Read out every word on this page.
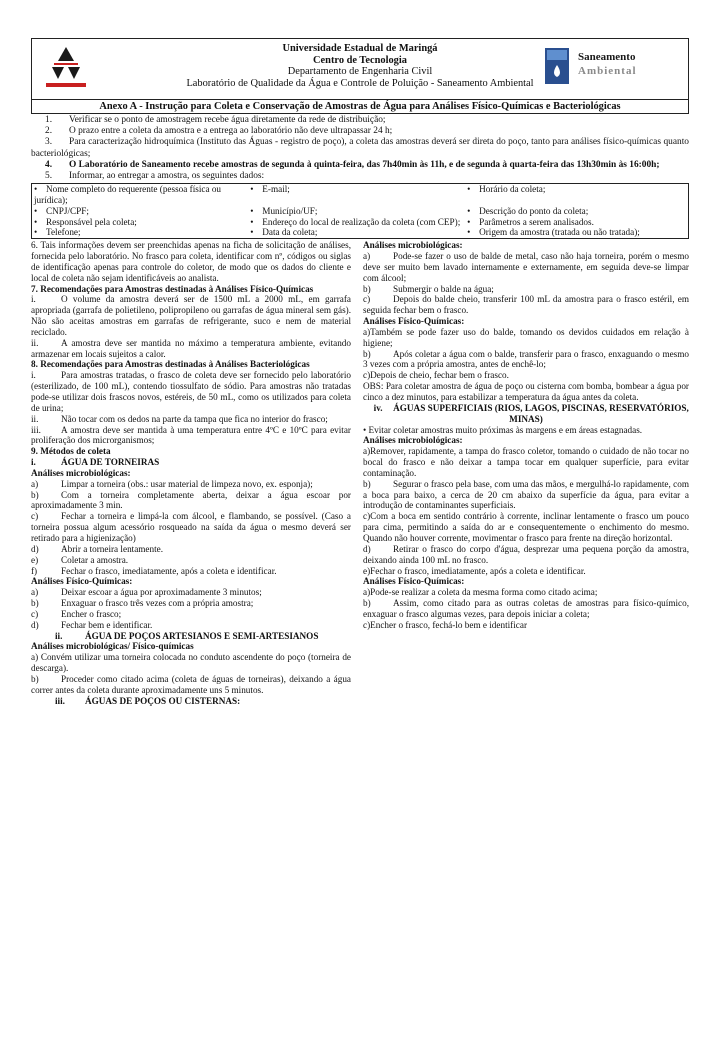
Universidade Estadual de Maringá
Centro de Tecnologia
Departamento de Engenharia Civil
Laboratório de Qualidade da Água e Controle de Poluição - Saneamento Ambiental
Saneamento
Ambiental
Anexo A - Instrução para Coleta e Conservação de Amostras de Água para Análises Físico-Químicas e Bacteriológicas
1. Verificar se o ponto de amostragem recebe água diretamente da rede de distribuição;
2. O prazo entre a coleta da amostra e a entrega ao laboratório não deve ultrapassar 24 h;
3. Para caracterização hidroquímica (Instituto das Águas - registro de poço), a coleta das amostras deverá ser direta do poço, tanto para análises físico-químicas quanto bacteriológicas;
4. O Laboratório de Saneamento recebe amostras de segunda à quinta-feira, das 7h40min às 11h, e de segunda à quarta-feira das 13h30min às 16:00h;
5. Informar, ao entregar a amostra, os seguintes dados:
• Nome completo do requerente (pessoa física ou jurídica);	• E-mail;	• Horário da coleta;
• CNPJ/CPF;	• Município/UF;	• Descrição do ponto da coleta;
• Responsável pela coleta;	• Endereço do local de realização da coleta (com CEP);	• Parâmetros a serem analisados.
• Telefone;	• Data da coleta;	• Origem da amostra (tratada ou não tratada);

6. Tais informações devem ser preenchidas apenas na ficha de solicitação de análises, fornecida pelo laboratório. No frasco para coleta, identificar com nº, códigos ou siglas de identificação apenas para controle do coletor, de modo que os dados do cliente e local de coleta não sejam identificáveis ao analista.

7. Recomendações para Amostras destinadas à Análises Físico-Químicas

i.	O volume da amostra deverá ser de 1500 mL a 2000 mL, em garrafa apropriada (garrafa de polietileno, polipropileno ou garrafas de água mineral sem gás). Não são aceitas amostras em garrafas de refrigerante, suco e nem de material reciclado.

ii. A amostra deve ser mantida no máximo a temperatura ambiente, evitando armazenar em locais sujeitos a calor.

8. Recomendações para Amostras destinadas à Análises Bacteriológicas

i.	Para amostras tratadas, o frasco de coleta deve ser fornecido pelo laboratório (esterilizado, de 100 mL), contendo tiossulfato de sódio. Para amostras não tratadas pode-se utilizar dois frascos novos, estéreis, de 50 mL, como os utilizados para coleta de urina;

ii. Não tocar com os dedos na parte da tampa que fica no interior do frasco;

iii. A amostra deve ser mantida à uma temperatura entre 4ºC e 10ºC para evitar proliferação dos microrganismos;

9. Métodos de coleta

i.	ÁGUA DE TORNEIRAS

Análises microbiológicas:

a) Limpar a torneira (obs.: usar material de limpeza novo, ex. esponja);

b) Com a torneira completamente aberta, deixar a água escoar por aproximadamente 3 min.

c) Fechar a torneira e limpá-la com álcool, e flambando, se possível. (Caso a torneira possua algum acessório rosqueado na saída da água o mesmo deverá ser retirado para a higienização)

d) Abrir a torneira lentamente.

e) Coletar a amostra.

f)	Fechar o frasco, imediatamente, após a coleta e identificar.

Análises Físico-Químicas:

a) Deixar escoar a água por aproximadamente 3 minutos;

b) Enxaguar o frasco três vezes com a própria amostra;

c) Encher o frasco;

d) Fechar bem e identificar.

ii. ÁGUA DE POÇOS ARTESIANOS E SEMI-ARTESIANOS

Análises microbiológicas/ Físico-químicas

a) Convém utilizar uma torneira colocada no conduto ascendente do poço (torneira de descarga).

b) Proceder como citado acima (coleta de águas de torneiras), deixando a água correr antes da coleta durante aproximadamente uns 5 minutos.

iii. ÁGUAS DE POÇOS OU CISTERNAS:

Análises microbiológicas:

a) Pode-se fazer o uso de balde de metal, caso não haja torneira, porém o mesmo deve ser muito bem lavado internamente e externamente, em seguida deve-se limpar com álcool;

b) Submergir o balde na água;

c) Depois do balde cheio, transferir 100 mL da amostra para o frasco estéril, em seguida fechar bem o frasco.

Análises Físico-Químicas:

a)Também se pode fazer uso do balde, tomando os devidos cuidados em relação à higiene;

b) Após coletar a água com o balde, transferir para o frasco, enxaguando o mesmo 3 vezes com a própria amostra, antes de enchê-lo;

c)Depois de cheio, fechar bem o frasco.

OBS: Para coletar amostra de água de poço ou cisterna com bomba, bombear a água por cinco a dez minutos, para estabilizar a temperatura da água antes da coleta.

iv. ÁGUAS SUPERFICIAIS (RIOS, LAGOS, PISCINAS, RESERVATÓRIOS, MINAS)

• Evitar coletar amostras muito próximas às margens e em áreas estagnadas.

Análises microbiológicas:

a)Remover, rapidamente, a tampa do frasco coletor, tomando o cuidado de não tocar no bocal do frasco e não deixar a tampa tocar em qualquer superfície, para evitar contaminação.

b) Segurar o frasco pela base, com uma das mãos, e mergulhá-lo rapidamente, com a boca para baixo, a cerca de 20 cm abaixo da superfície da água, para evitar a introdução de contaminantes superficiais.

c)Com a boca em sentido contrário à corrente, inclinar lentamente o frasco um pouco para cima, permitindo a saída do ar e consequentemente o enchimento do mesmo. Quando não houver corrente, movimentar o frasco para frente na direção horizontal.

d) Retirar o frasco do corpo d'água, desprezar uma pequena porção da amostra, deixando ainda 100 mL no frasco.

e)Fechar o frasco, imediatamente, após a coleta e identificar.

Análises Físico-Químicas:

a)Pode-se realizar a coleta da mesma forma como citado acima;

b) Assim, como citado para as outras coletas de amostras para físico-químico, enxaguar o frasco algumas vezes, para depois iniciar a coleta;

c)Encher o frasco, fechá-lo bem e identificar
